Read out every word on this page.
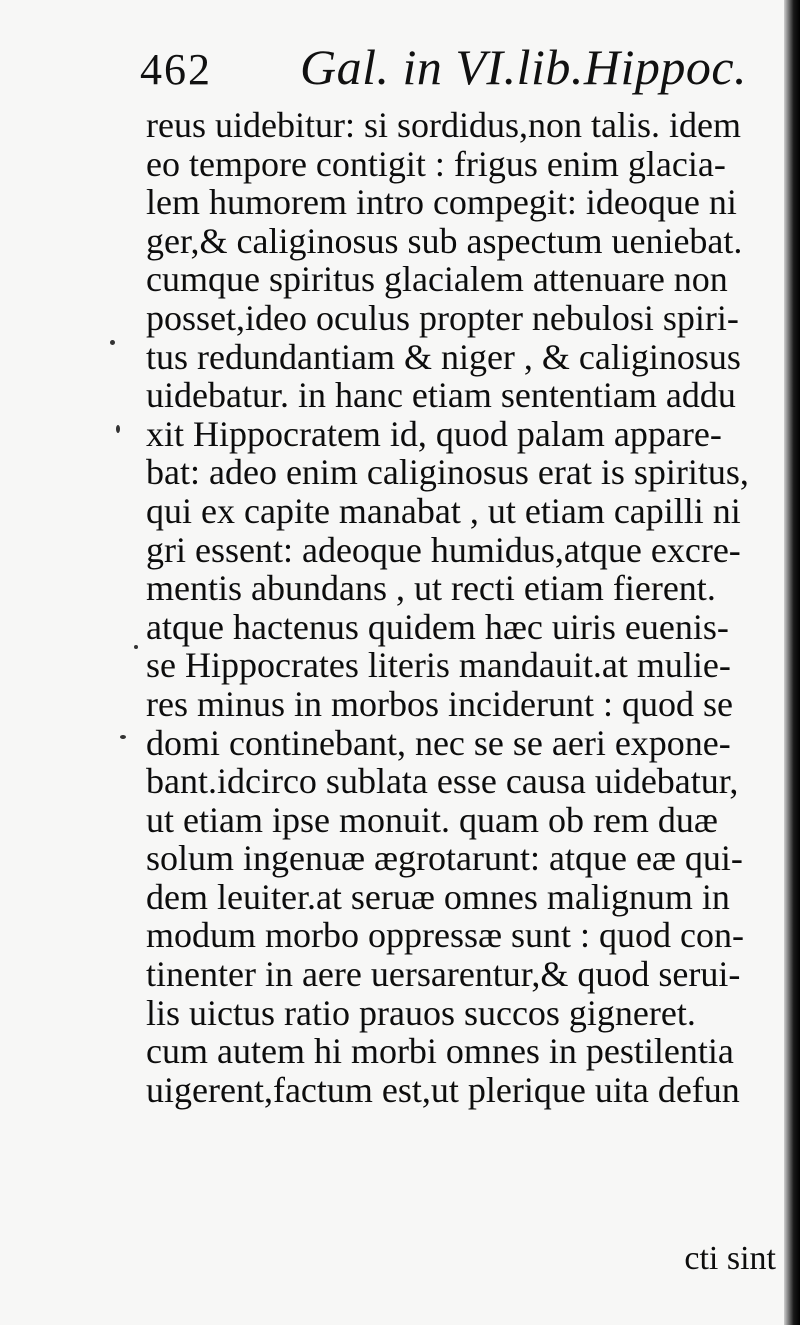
462 Gal. in VI.lib.Hippoc.
reus uidebitur: si sordidus,non talis. idem
eo tempore contigit : frigus enim glacia-
lem humorem intro compegit: ideoque ni
ger,& caliginosus sub aspectum ueniebat.
cumque spiritus glacialem attenuare non
posset,ideo oculus propter nebulosi spiri-
tus redundantiam & niger , & caliginosus
uidebatur. in hanc etiam sententiam addu
xit Hippocratem id, quod palam appare-
bat: adeo enim caliginosus erat is spiritus,
qui ex capite manabat , ut etiam capilli ni
gri essent: adeoque humidus,atque excre-
mentis abundans , ut recti etiam fierent.
atque hactenus quidem hæc uiris euenis-
se Hippocrates literis mandauit.at mulie-
res minus in morbos inciderunt : quod se
domi continebant, nec se se aeri expone-
bant.idcirco sublata esse causa uidebatur,
ut etiam ipse monuit. quam ob rem duæ
solum ingenuæ ægrotarunt: atque eæ qui-
dem leuiter.at seruæ omnes malignum in
modum morbo oppressæ sunt : quod con-
tinenter in aere uersarentur,& quod serui-
lis uictus ratio prauos succos gigneret.
cum autem hi morbi omnes in pestilentia
uigerent,factum est,ut plerique uita defun
cti sint
